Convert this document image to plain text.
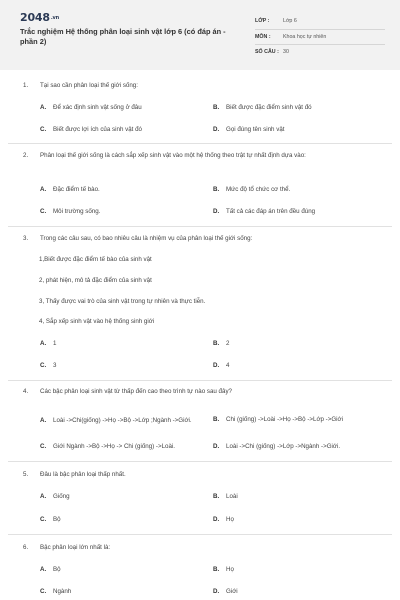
$2048^{.vn}$
Trắc nghiệm Hệ thống phân loại sinh vật lớp 6 (có đáp án - phần 2)
LỚP :	Lớp 6
MÔN :	Khoa học tự nhiên
SỐ CÂU : 30
1.	Tại sao cần phân loại thế giới sống:
A.	Để xác định sinh vật sống ở đâu	B.	Biết được đặc điểm sinh vật đó
C.	Biết được lợi ích của sinh vật đó	D.	Gọi đúng tên sinh vật
2.	Phân loại thế giới sống là cách sắp xếp sinh vật vào một hệ thống theo trật tự nhất định dựa vào:
A.	Đặc điểm tế bào.	B.	Mức độ tổ chức cơ thể.
C.	Môi trường sống.	D.	Tất cả các đáp án trên đều đúng
3.	Trong các câu sau, có bao nhiêu câu là nhiệm vụ của phân loại thế giới sống:
1,Biết được đặc điểm tế bào của sinh vật
2, phát hiện, mô tả đặc điểm của sinh vật
3, Thấy được vai trò của sinh vật trong tự nhiên và thực tiễn.
4, Sắp xếp sinh vật vào hệ thống sinh giới
A.	1	B.	2
C.	3	D.	4
4.	Các bậc phân loại sinh vật từ thấp đến cao theo trình tự nào sau đây?
A.	Loài ->Chi(giống) ->Họ ->Bộ ->Lớp ;Ngành ->Giới.	B.	Chi (giống) ->Loài ->Họ ->Bộ ->Lớp ->Giới
C.	Giới Ngành ->Bộ ->Họ -> Chi (giống) ->Loài.	D.	Loài ->Chi (giống) ->Lớp ->Ngành ->Giới.
5.	Đâu là bậc phân loại thấp nhất.
A.	Giống	B.	Loài
C.	Bộ	D.	Họ
6.	Bậc phân loại lớn nhất là:
A.	Bộ	B.	Họ
C.	Ngành	D.	Giới
